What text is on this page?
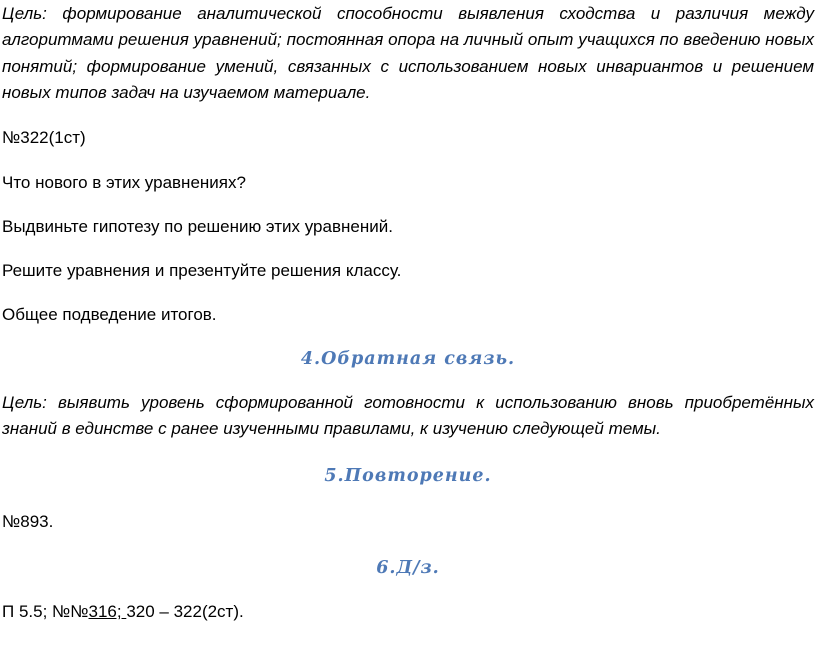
Цель: формирование аналитической способности выявления сходства и различия между алгоритмами решения уравнений; постоянная опора на личный опыт учащихся по введению новых понятий; формирование умений, связанных с использованием новых инвариантов и решением новых типов задач на изучаемом материале.

№322(1ст)

Что нового в этих уравнениях?

Выдвиньте гипотезу по решению этих уравнений.

Решите уравнения и презентуйте решения классу.

Общее подведение итогов.

4.Обратная связь.

Цель: выявить уровень сформированной готовности к использованию вновь приобретённых знаний в единстве с ранее изученными правилами, к изучению следующей темы.

5.Повторение.

№893.

6.Д/з.

П 5.5; №№316; 320 – 322(2ст).
